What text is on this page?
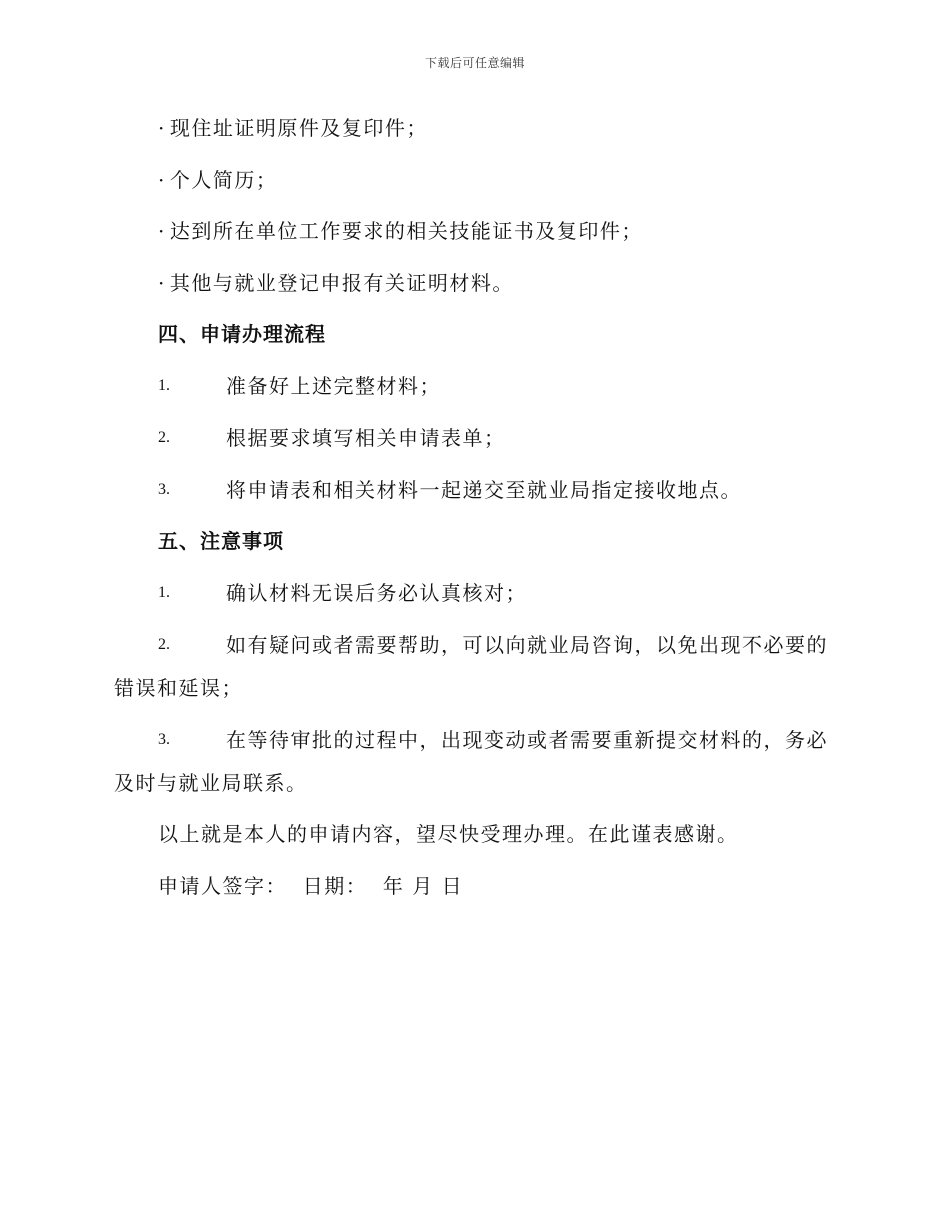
下载后可任意编辑
· 现住址证明原件及复印件；
· 个人简历；
· 达到所在单位工作要求的相关技能证书及复印件；
· 其他与就业登记申报有关证明材料。
四、申请办理流程
1.	准备好上述完整材料；
2.	根据要求填写相关申请表单；
3.	将申请表和相关材料一起递交至就业局指定接收地点。
五、注意事项
1.	确认材料无误后务必认真核对；
2.	如有疑问或者需要帮助，可以向就业局咨询，以免出现不必要的
错误和延误；
3.	在等待审批的过程中，出现变动或者需要重新提交材料的，务必
及时与就业局联系。
以上就是本人的申请内容，望尽快受理办理。在此谨表感谢。
申请人签字：  日期：  年 月 日
